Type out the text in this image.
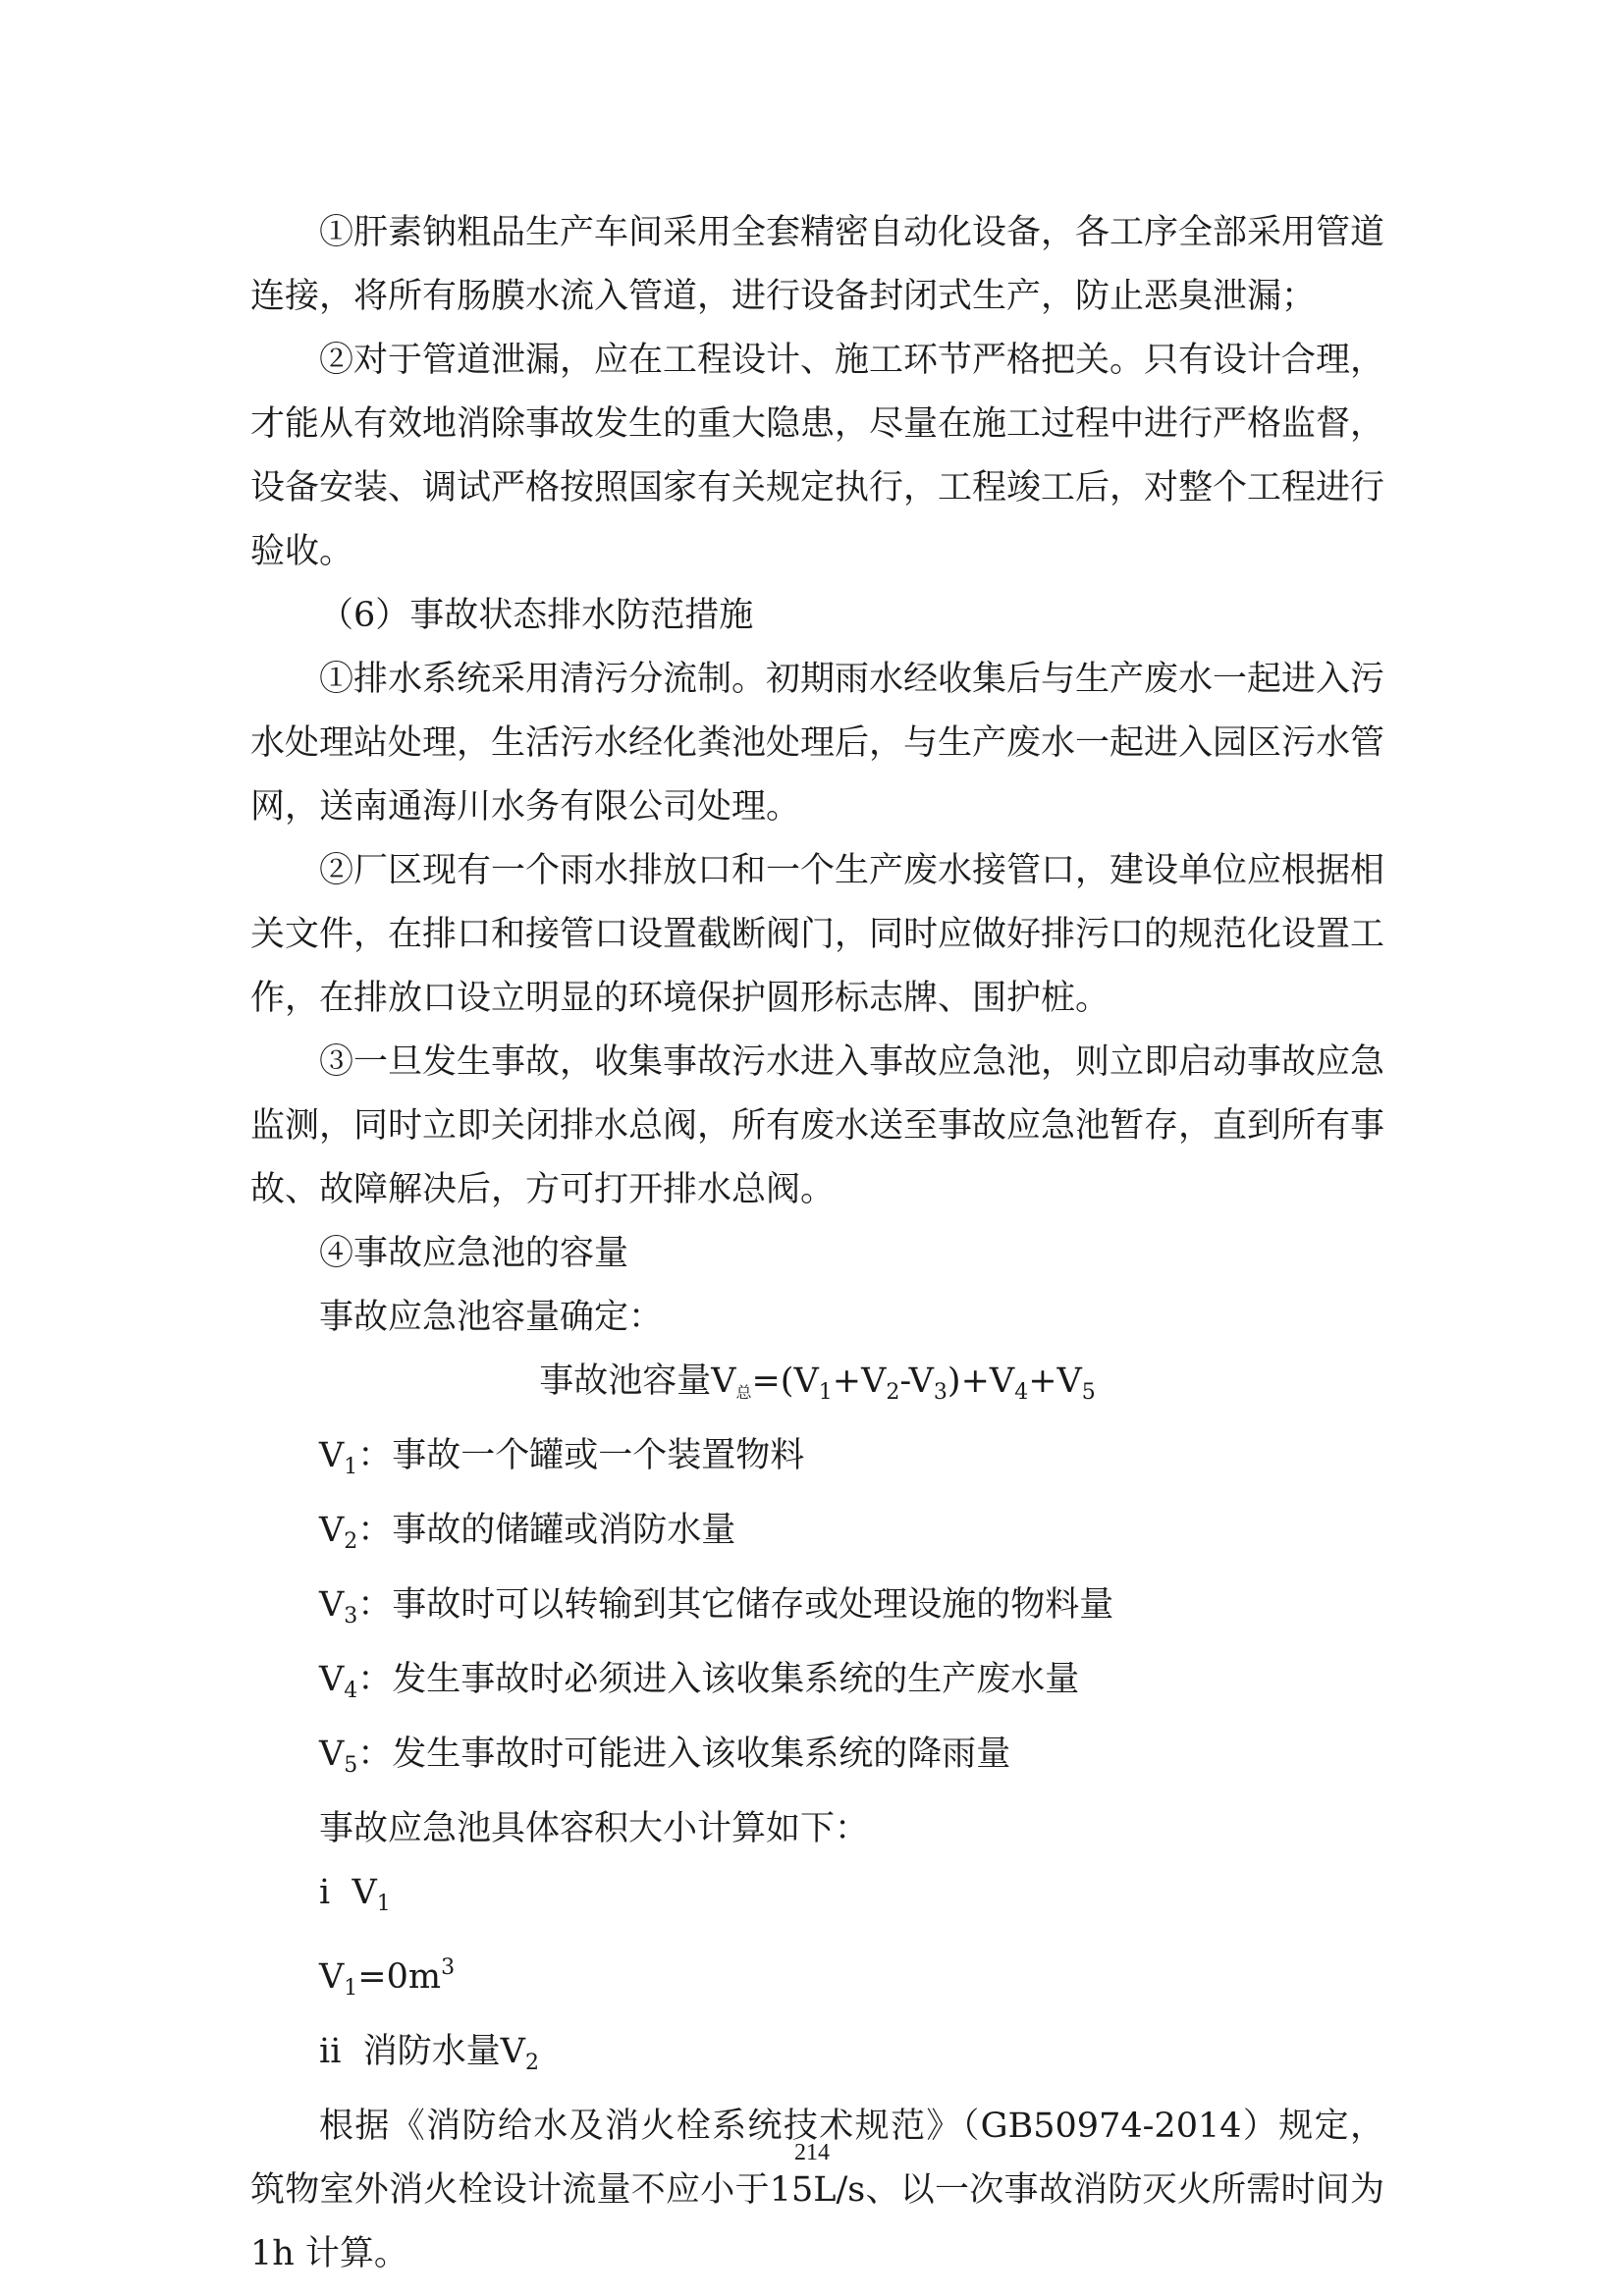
①肝素钠粗品生产车间采用全套精密自动化设备，各工序全部采用管道连接，将所有肠膜水流入管道，进行设备封闭式生产，防止恶臭泄漏；

②对于管道泄漏，应在工程设计、施工环节严格把关。只有设计合理，才能从有效地消除事故发生的重大隐患，尽量在施工过程中进行严格监督，设备安装、调试严格按照国家有关规定执行，工程竣工后，对整个工程进行验收。

（6）事故状态排水防范措施

①排水系统采用清污分流制。初期雨水经收集后与生产废水一起进入污水处理站处理，生活污水经化粪池处理后，与生产废水一起进入园区污水管网，送南通海川水务有限公司处理。

②厂区现有一个雨水排放口和一个生产废水接管口，建设单位应根据相关文件，在排口和接管口设置截断阀门，同时应做好排污口的规范化设置工作，在排放口设立明显的环境保护圆形标志牌、围护桩。

③一旦发生事故，收集事故污水进入事故应急池，则立即启动事故应急监测，同时立即关闭排水总阀，所有废水送至事故应急池暂存，直到所有事故、故障解决后，方可打开排水总阀。

④事故应急池的容量

事故应急池容量确定：

事故池容量V总$=(V_1+V_2-V_3)+V_4+V_5$

$V_1$：事故一个罐或一个装置物料

$V_2$：事故的储罐或消防水量

$V_3$：事故时可以转输到其它储存或处理设施的物料量

$V_4$：发生事故时必须进入该收集系统的生产废水量

$V_5$：发生事故时可能进入该收集系统的降雨量

事故应急池具体容积大小计算如下：

i $V_1$

$V_1=0m^3$

ii 消防水量$V_2$

根据《消防给水及消火栓系统技术规范》（GB50974-2014）规定，筑物室外消火栓设计流量不应小于15L/s、以一次事故消防灭火所需时间为1h 计算。

214
